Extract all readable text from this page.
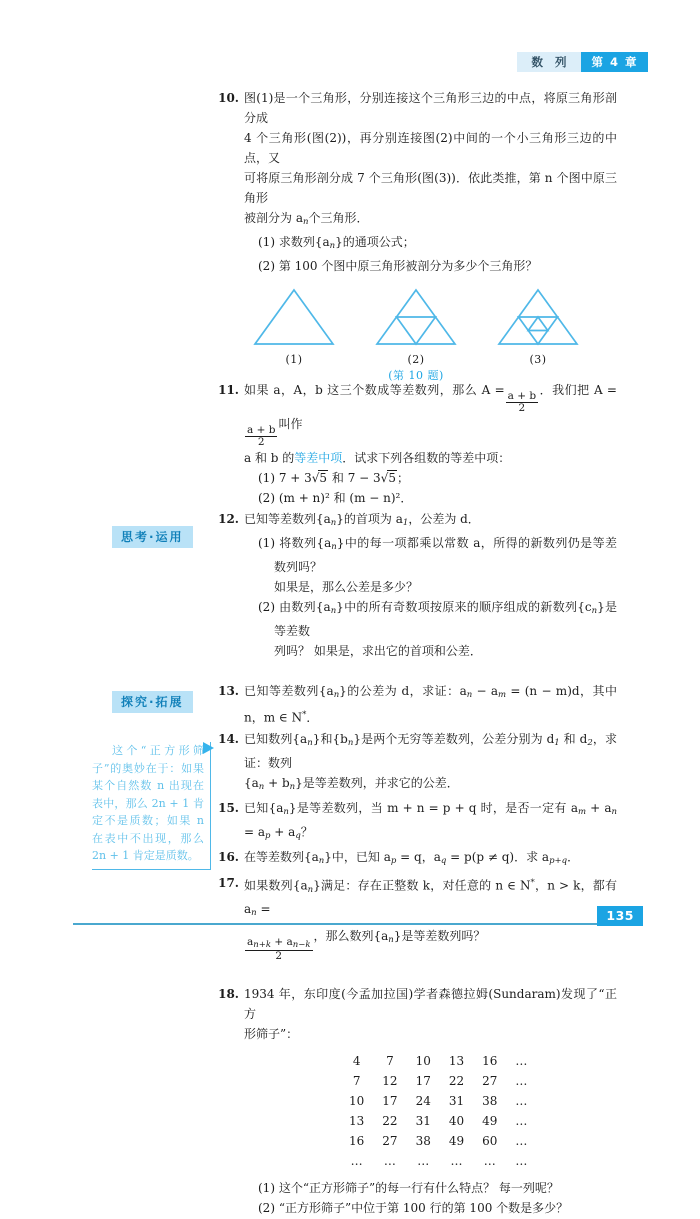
数 列	第 4 章
10. 图(1)是一个三角形，分别连接这个三角形三边的中点，将原三角形剖分成
4 个三角形(图(2))，再分别连接图(2)中间的一个小三角形三边的中点，又
可将原三角形剖分成 7 个三角形(图(3))．依此类推，第 n 个图中原三角形
被剖分为 an个三角形．
(1) 求数列{an}的通项公式；
(2) 第 100 个图中原三角形被剖分为多少个三角形？
(1)	(2)	(3)
(第 10 题)
11. 如果 a，A，b 这三个数成等差数列，那么 A =
$\frac{a + b}{2}$
．我们把 A =
$\frac{a + b}{2}$
叫作
a 和 b 的等差中项．试求下列各组数的等差中项：
(1) 7 + 3√5 和 7 − 3√5；
(2) (m + n)² 和 (m − n)²．
12. 已知等差数列{an}的首项为 a1，公差为 d．
(1) 将数列{an}中的每一项都乘以常数 a，所得的新数列仍是等差数列吗？
如果是，那么公差是多少？
(2) 由数列{an}中的所有奇数项按原来的顺序组成的新数列{cn}是等差数
列吗？ 如果是，求出它的首项和公差．
13. 已知等差数列{an}的公差为 d，求证：an − am = (n − m)d，其中 n，m ∈ N*．
14. 已知数列{an}和{bn}是两个无穷等差数列，公差分别为 d1 和 d2，求证：数列
{an + bn}是等差数列，并求它的公差．
15. 已知{an}是等差数列，当 m + n = p + q 时，是否一定有 am + an = ap + aq？
16. 在等差数列{an}中，已知 ap = q，aq = p(p ≠ q)．求 ap+q．
17. 如果数列{an}满足：存在正整数 k，对任意的 n ∈ N*，n > k，都有 an =
$\frac{a_{n+k} + a_{n-k}}{2}$
，那么数列{an}是等差数列吗？
18. 1934 年，东印度(今孟加拉国)学者森德拉姆(Sundaram)发现了“正方
形筛子”：
4	7	10	13	16	…
7	12	17	22	27	…
10	17	24	31	38	…
13	22	31	40	49	…
16	27	38	49	60	…
…	…	…	…	…	…
(1) 这个“正方形筛子”的每一行有什么特点？ 每一列呢？
(2) “正方形筛子”中位于第 100 行的第 100 个数是多少？
思考·运用
探究·拓展
这个“正方形筛子”的奥妙在于：如果某个自然数 n 出现在表中，那么 2n + 1 肯定不是质数；如果 n 在表中不出现，那么 2n + 1 肯定是质数。
135
